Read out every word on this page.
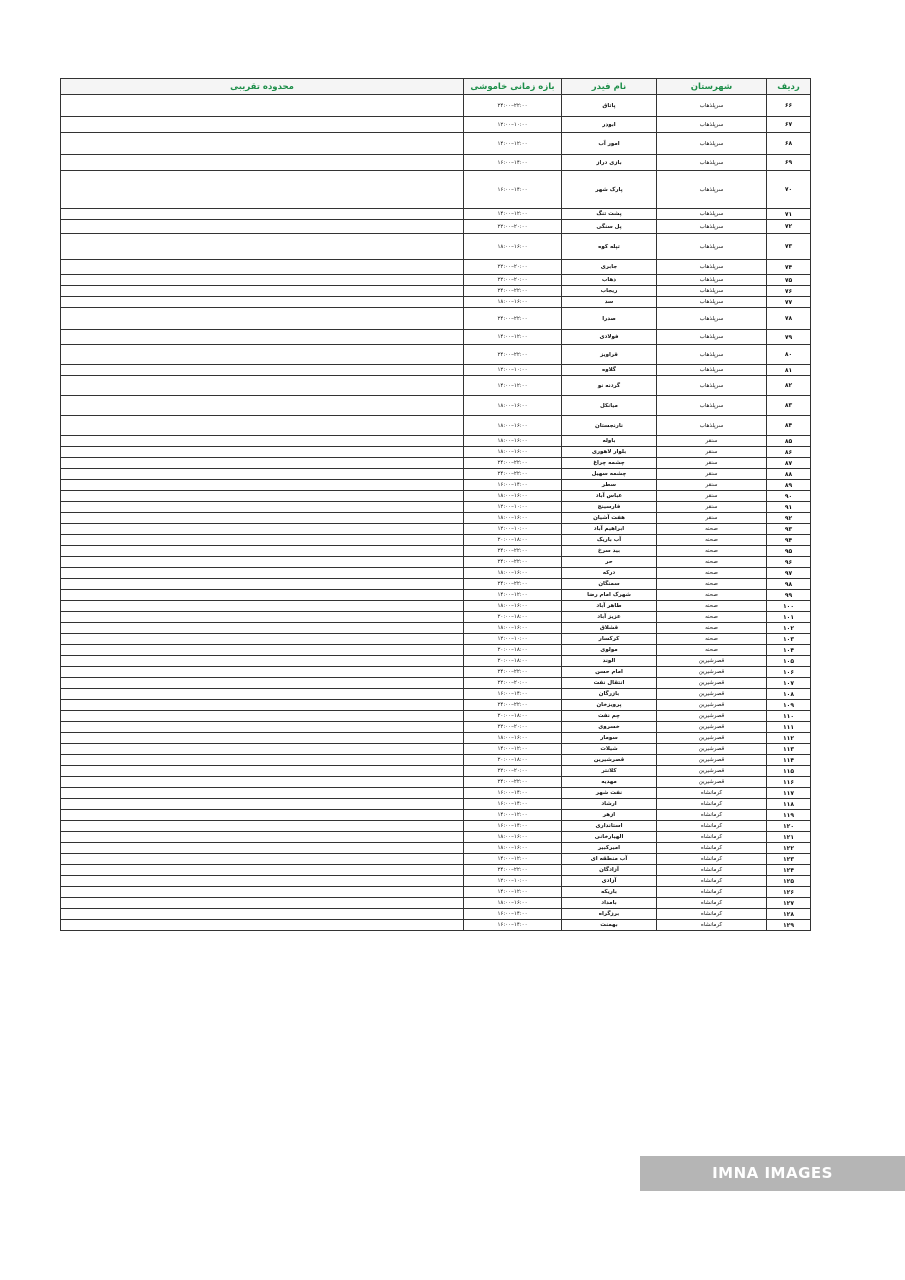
ردیف	شهرستان	نام فیدر	بازه زمانی خاموشی	محدوده تقریبی
۶۶	سرپلذهاب	پاتاق	۲۲:۰۰–۲۴:۰۰	
۶۷	سرپلذهاب	ابوذر	۱۰:۰۰–۱۲:۰۰	
۶۸	سرپلذهاب	امور آب	۱۲:۰۰–۱۴:۰۰	
۶۹	سرپلذهاب	بازی دراز	۱۴:۰۰–۱۶:۰۰	
۷۰	سرپلذهاب	پارک شهر	۱۴:۰۰–۱۶:۰۰	
۷۱	سرپلذهاب	پشت تنگ	۱۲:۰۰–۱۴:۰۰	
۷۲	سرپلذهاب	پل سنگی	۲۰:۰۰–۲۲:۰۰	
۷۳	سرپلذهاب	تپله کوه	۱۶:۰۰–۱۸:۰۰	
۷۴	سرپلذهاب	جابری	۲۰:۰۰–۲۲:۰۰	
۷۵	سرپلذهاب	ذهاب	۲۰:۰۰–۲۲:۰۰	
۷۶	سرپلذهاب	ریجاب	۲۲:۰۰–۲۴:۰۰	
۷۷	سرپلذهاب	سد	۱۶:۰۰–۱۸:۰۰	
۷۸	سرپلذهاب	صدرا	۲۲:۰۰–۲۴:۰۰	
۷۹	سرپلذهاب	فولادی	۱۲:۰۰–۱۴:۰۰	
۸۰	سرپلذهاب	قراویز	۲۲:۰۰–۲۴:۰۰	
۸۱	سرپلذهاب	گلاوه	۱۰:۰۰–۱۲:۰۰	
۸۲	سرپلذهاب	گردنه نو	۱۲:۰۰–۱۴:۰۰	
۸۳	سرپلذهاب	میانکل	۱۶:۰۰–۱۸:۰۰	
۸۴	سرپلذهاب	نارنجستان	۱۶:۰۰–۱۸:۰۰	
۸۵	سنقر	باوله	۱۶:۰۰–۱۸:۰۰	
۸۶	سنقر	بلوار لاهوری	۱۶:۰۰–۱۸:۰۰	
۸۷	سنقر	چشمه چراغ	۲۲:۰۰–۲۴:۰۰	
۸۸	سنقر	چشمه سهیل	۲۲:۰۰–۲۴:۰۰	
۸۹	سنقر	سطر	۱۴:۰۰–۱۶:۰۰	
۹۰	سنقر	عباس آباد	۱۶:۰۰–۱۸:۰۰	
۹۱	سنقر	فارسینج	۱۰:۰۰–۱۲:۰۰	
۹۲	سنقر	هفت آشیان	۱۶:۰۰–۱۸:۰۰	
۹۳	صحنه	ابراهیم آباد	۱۰:۰۰–۱۲:۰۰	
۹۴	صحنه	آب باریک	۱۸:۰۰–۲۰:۰۰	
۹۵	صحنه	بید سرخ	۲۲:۰۰–۲۴:۰۰	
۹۶	صحنه	حر	۲۲:۰۰–۲۴:۰۰	
۹۷	صحنه	درکه	۱۶:۰۰–۱۸:۰۰	
۹۸	صحنه	سمنگان	۲۲:۰۰–۲۴:۰۰	
۹۹	صحنه	شهرک امام رضا	۱۲:۰۰–۱۴:۰۰	
۱۰۰	صحنه	طاهر آباد	۱۶:۰۰–۱۸:۰۰	
۱۰۱	صحنه	عزیز آباد	۱۸:۰۰–۲۰:۰۰	
۱۰۲	صحنه	قشلاق	۱۶:۰۰–۱۸:۰۰	
۱۰۳	صحنه	کرکسار	۱۰:۰۰–۱۲:۰۰	
۱۰۴	صحنه	مولوی	۱۸:۰۰–۲۰:۰۰	
۱۰۵	قصرشیرین	الوند	۱۸:۰۰–۲۰:۰۰	
۱۰۶	قصرشیرین	امام حسن	۲۲:۰۰–۲۴:۰۰	
۱۰۷	قصرشیرین	انتقال نفت	۲۰:۰۰–۲۲:۰۰	
۱۰۸	قصرشیرین	بازرگان	۱۴:۰۰–۱۶:۰۰	
۱۰۹	قصرشیرین	پرویزخان	۲۲:۰۰–۲۴:۰۰	
۱۱۰	قصرشیرین	چم نفت	۱۸:۰۰–۲۰:۰۰	
۱۱۱	قصرشیرین	خسروی	۲۰:۰۰–۲۲:۰۰	
۱۱۲	قصرشیرین	سومار	۱۶:۰۰–۱۸:۰۰	
۱۱۳	قصرشیرین	شیلات	۱۲:۰۰–۱۴:۰۰	
۱۱۴	قصرشیرین	قصرشیرین	۱۸:۰۰–۲۰:۰۰	
۱۱۵	قصرشیرین	کلانتر	۲۰:۰۰–۲۲:۰۰	
۱۱۶	قصرشیرین	مهدیه	۲۲:۰۰–۲۴:۰۰	
۱۱۷	کرمانشاه	نفت شهر	۱۴:۰۰–۱۶:۰۰	
۱۱۸	کرمانشاه	ارشاد	۱۴:۰۰–۱۶:۰۰	
۱۱۹	کرمانشاه	ازهر	۱۲:۰۰–۱۴:۰۰	
۱۲۰	کرمانشاه	استانداری	۱۴:۰۰–۱۶:۰۰	
۱۲۱	کرمانشاه	الهیارخانی	۱۶:۰۰–۱۸:۰۰	
۱۲۲	کرمانشاه	امیرکبیر	۱۶:۰۰–۱۸:۰۰	
۱۲۳	کرمانشاه	آب منطقه ای	۱۲:۰۰–۱۴:۰۰	
۱۲۴	کرمانشاه	آزادگان	۲۲:۰۰–۲۴:۰۰	
۱۲۵	کرمانشاه	آزادی	۱۰:۰۰–۱۲:۰۰	
۱۲۶	کرمانشاه	باریکه	۱۲:۰۰–۱۴:۰۰	
۱۲۷	کرمانشاه	بامداد	۱۶:۰۰–۱۸:۰۰	
۱۲۸	کرمانشاه	برزگراه	۱۴:۰۰–۱۶:۰۰	
۱۲۹	کرمانشاه	بهمنت	۱۴:۰۰–۱۶:۰۰	
IMNA IMAGES
